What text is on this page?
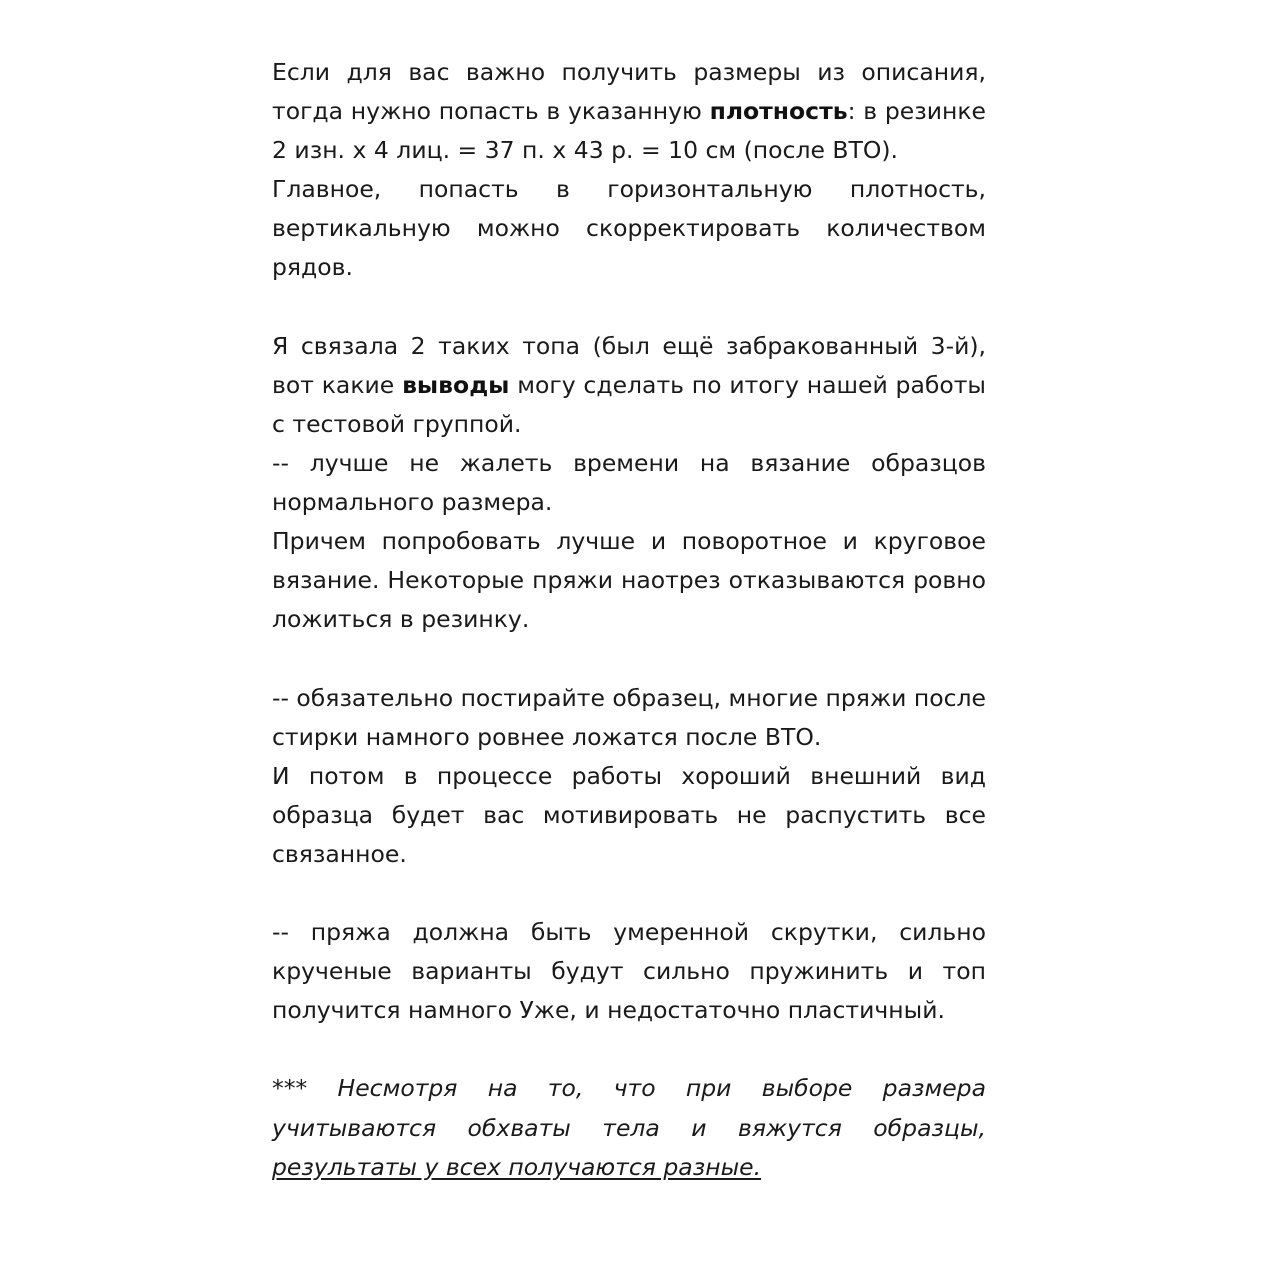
Если для вас важно получить размеры из описания, тогда нужно попасть в указанную плотность: в резинке 2 изн. х 4 лиц. = 37 п. х 43 р. = 10 см (после ВТО).

Главное, попасть в горизонтальную плотность, вертикальную можно скорректировать количеством рядов.

Я связала 2 таких топа (был ещё забракованный 3-й), вот какие выводы могу сделать по итогу нашей работы с тестовой группой.

-- лучше не жалеть времени на вязание образцов нормального размера.

Причем попробовать лучше и поворотное и круговое вязание. Некоторые пряжи наотрез отказываются ровно ложиться в резинку.

-- обязательно постирайте образец, многие пряжи после стирки намного ровнее ложатся после ВТО.

И потом в процессе работы хороший внешний вид образца будет вас мотивировать не распустить все связанное.

-- пряжа должна быть умеренной скрутки, сильно крученые варианты будут сильно пружинить и топ получится намного Уже, и недостаточно пластичный.

*** Несмотря на то, что при выборе размера учитываются обхваты тела и вяжутся образцы, результаты у всех получаются разные.
